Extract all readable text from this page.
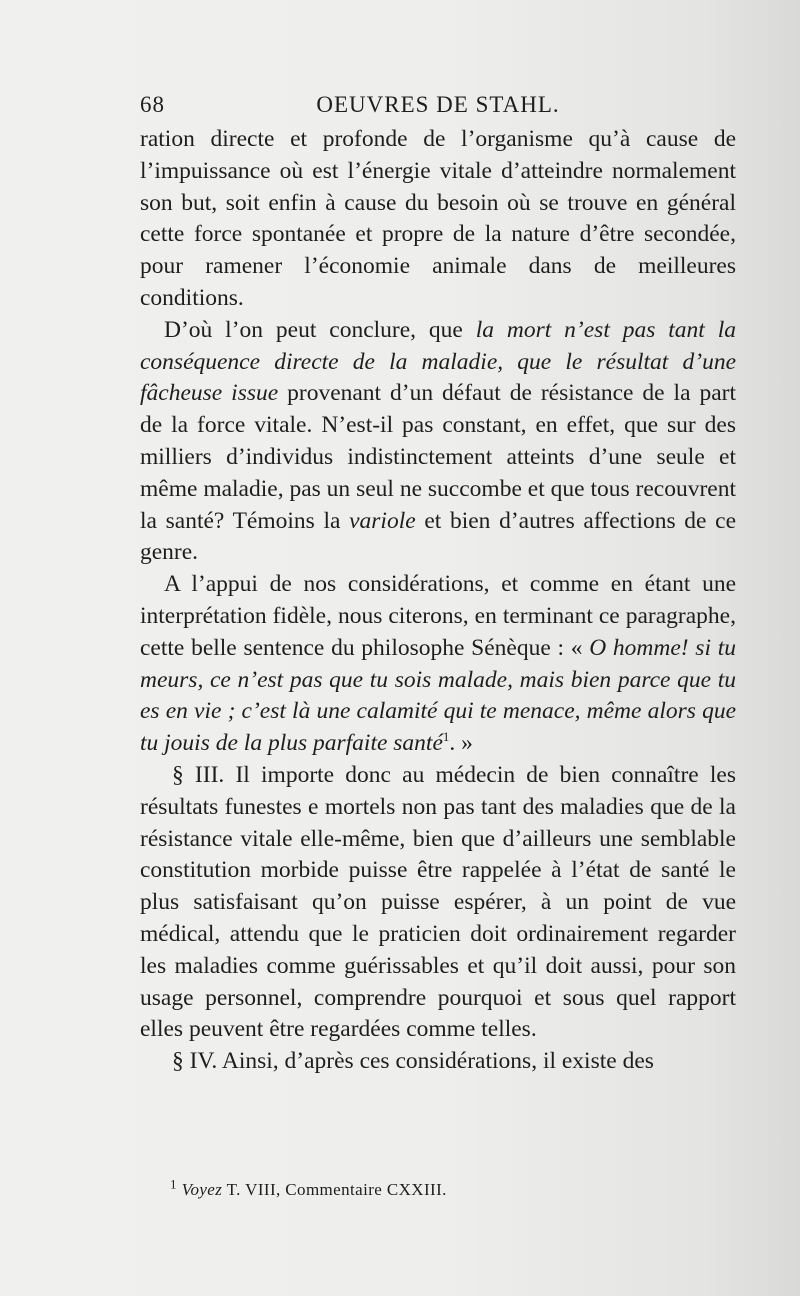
68	OEUVRES DE STAHL.

ration directe et profonde de l’organisme qu’à cause de l’impuissance où est l’énergie vitale d’atteindre normalement son but, soit enfin à cause du besoin où se trouve en général cette force spontanée et propre de la nature d’être secondée, pour ramener l’économie animale dans de meilleures conditions.

D’où l’on peut conclure, que la mort n’est pas tant la conséquence directe de la maladie, que le résultat d’une fâcheuse issue provenant d’un défaut de résistance de la part de la force vitale. N’est-il pas constant, en effet, que sur des milliers d’individus indistinctement atteints d’une seule et même maladie, pas un seul ne succombe et que tous recouvrent la santé? Témoins la variole et bien d’autres affections de ce genre.

A l’appui de nos considérations, et comme en étant une interprétation fidèle, nous citerons, en terminant ce paragraphe, cette belle sentence du philosophe Sénèque : « O homme! si tu meurs, ce n’est pas que tu sois malade, mais bien parce que tu es en vie ; c’est là une calamité qui te menace, même alors que tu jouis de la plus parfaite santé$^1$. »

§ III. Il importe donc au médecin de bien connaître les résultats funestes e mortels non pas tant des maladies que de la résistance vitale elle-même, bien que d’ailleurs une semblable constitution morbide puisse être rappelée à l’état de santé le plus satisfaisant qu’on puisse espérer, à un point de vue médical, attendu que le praticien doit ordinairement regarder les maladies comme guérissables et qu’il doit aussi, pour son usage personnel, comprendre pourquoi et sous quel rapport elles peuvent être regardées comme telles.

§ IV. Ainsi, d’après ces considérations, il existe des

$^1$ Voyez T. VIII, Commentaire CXXIII.
